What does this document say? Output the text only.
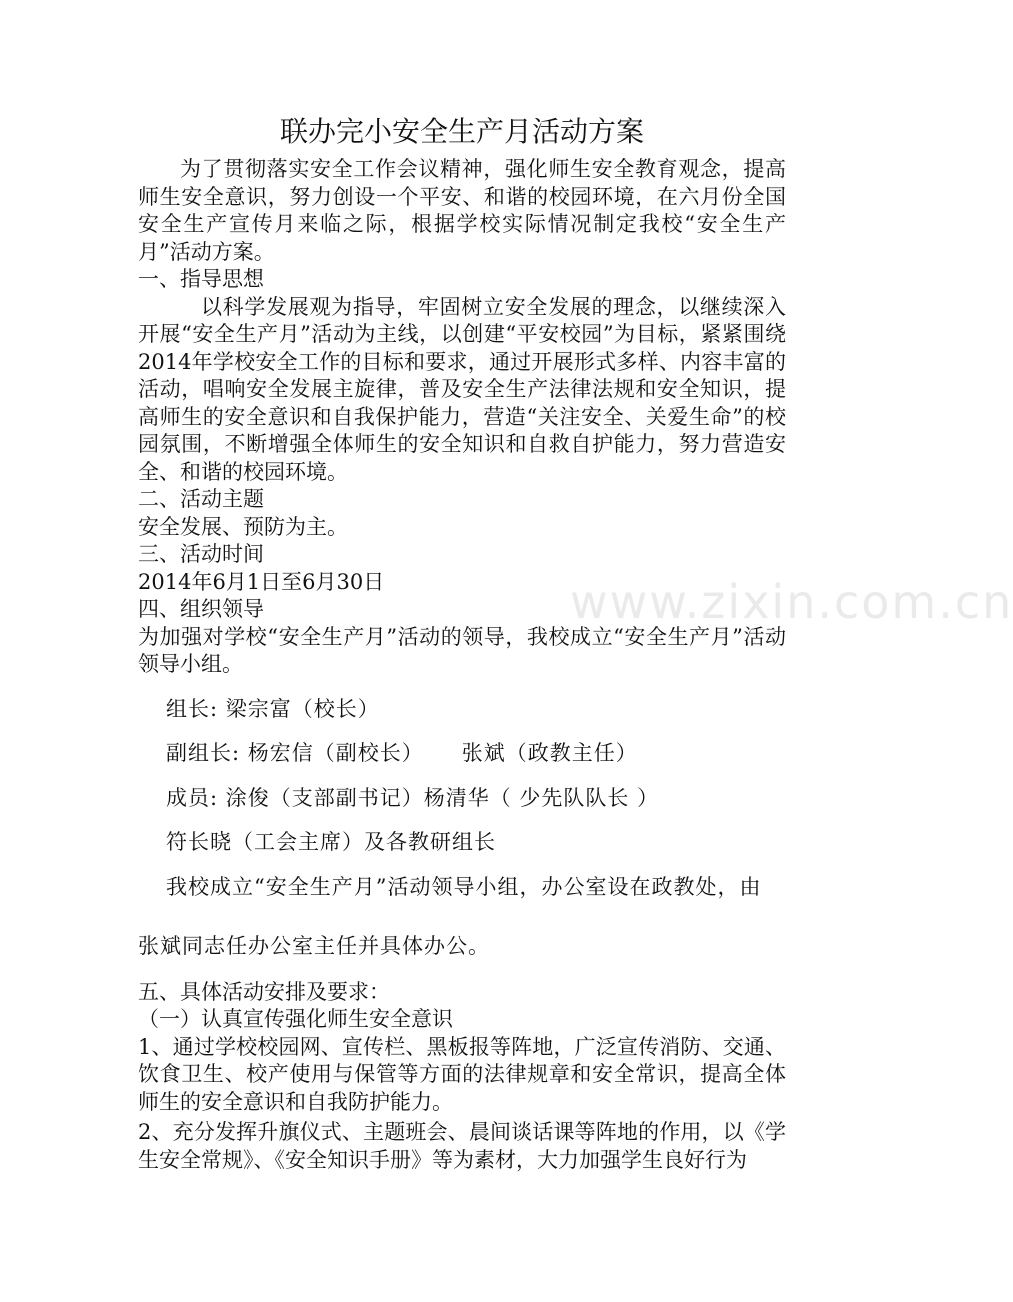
联办完小安全生产月活动方案

为了贯彻落实安全工作会议精神，强化师生安全教育观念，提高师生安全意识，努力创设一个平安、和谐的校园环境，在六月份全国安全生产宣传月来临之际，根据学校实际情况制定我校“安全生产月”活动方案。

一、指导思想

以科学发展观为指导，牢固树立安全发展的理念，以继续深入开展“安全生产月”活动为主线，以创建“平安校园”为目标，紧紧围绕2014年学校安全工作的目标和要求，通过开展形式多样、内容丰富的活动，唱响安全发展主旋律，普及安全生产法律法规和安全知识，提高师生的安全意识和自我保护能力，营造“关注安全、关爱生命”的校园氛围，不断增强全体师生的安全知识和自救自护能力，努力营造安全、和谐的校园环境。

二、活动主题

安全发展、预防为主。

三、活动时间

2014年6月1日至6月30日

四、组织领导

为加强对学校“安全生产月”活动的领导，我校成立“安全生产月”活动领导小组。

组长: 梁宗富（校长）

副组长: 杨宏信（副校长） 张斌（政教主任）

成员: 涂俊（支部副书记）杨清华（ 少先队队长 ）

符长晓（工会主席）及各教研组长

我校成立“安全生产月”活动领导小组，办公室设在政教处，由

张斌同志任办公室主任并具体办公。

五、具体活动安排及要求：

（一）认真宣传强化师生安全意识

1、通过学校校园网、宣传栏、黑板报等阵地，广泛宣传消防、交通、饮食卫生、校产使用与保管等方面的法律规章和安全常识，提高全体师生的安全意识和自我防护能力。

2、充分发挥升旗仪式、主题班会、晨间谈话课等阵地的作用，以《学生安全常规》、《安全知识手册》等为素材，大力加强学生良好行为

www.zixin.com.cn
